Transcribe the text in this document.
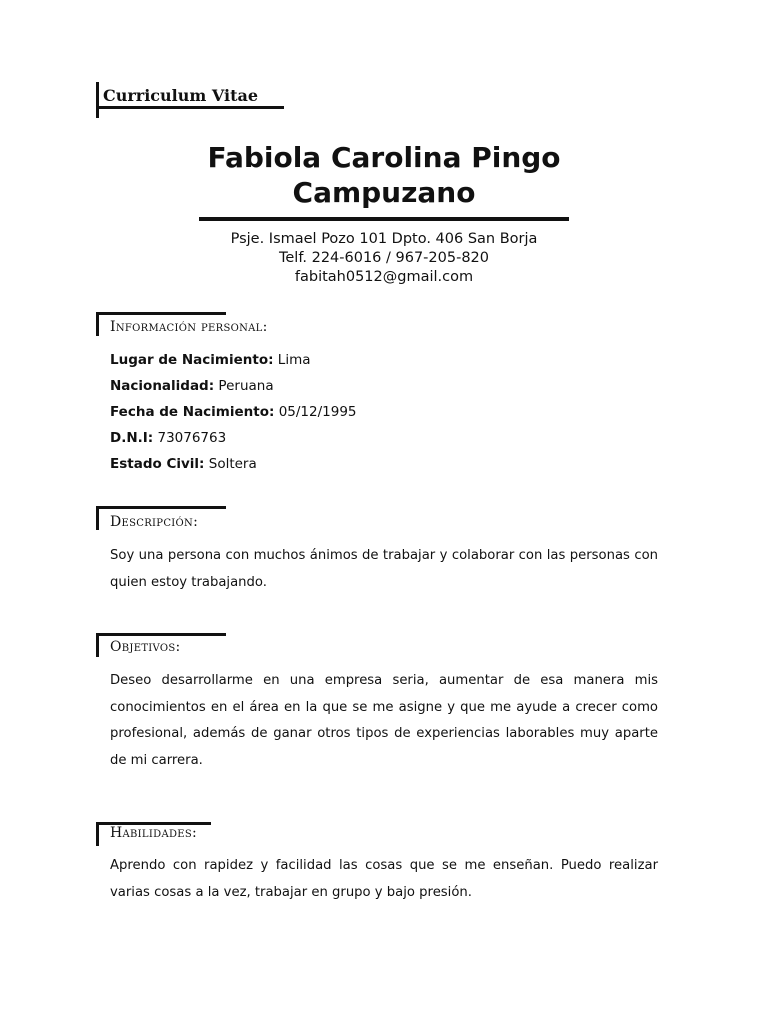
Curriculum Vitae
Fabiola Carolina Pingo
Campuzano
Psje. Ismael Pozo 101 Dpto. 406 San Borja
Telf. 224-6016 / 967-205-820
fabitah0512@gmail.com
Información personal:
Lugar de Nacimiento: Lima
Nacionalidad: Peruana
Fecha de Nacimiento: 05/12/1995
D.N.I: 73076763
Estado Civil: Soltera
Descripción:
Soy una persona con muchos ánimos de trabajar y colaborar con las personas con quien estoy trabajando.
Objetivos:
Deseo desarrollarme en una empresa seria, aumentar de esa manera mis conocimientos en el área en la que se me asigne y que me ayude a crecer como profesional, además de ganar otros tipos de experiencias laborables muy aparte de mi carrera.
Habilidades:
Aprendo con rapidez y facilidad las cosas que se me enseñan. Puedo realizar varias cosas a la vez, trabajar en grupo y bajo presión.
